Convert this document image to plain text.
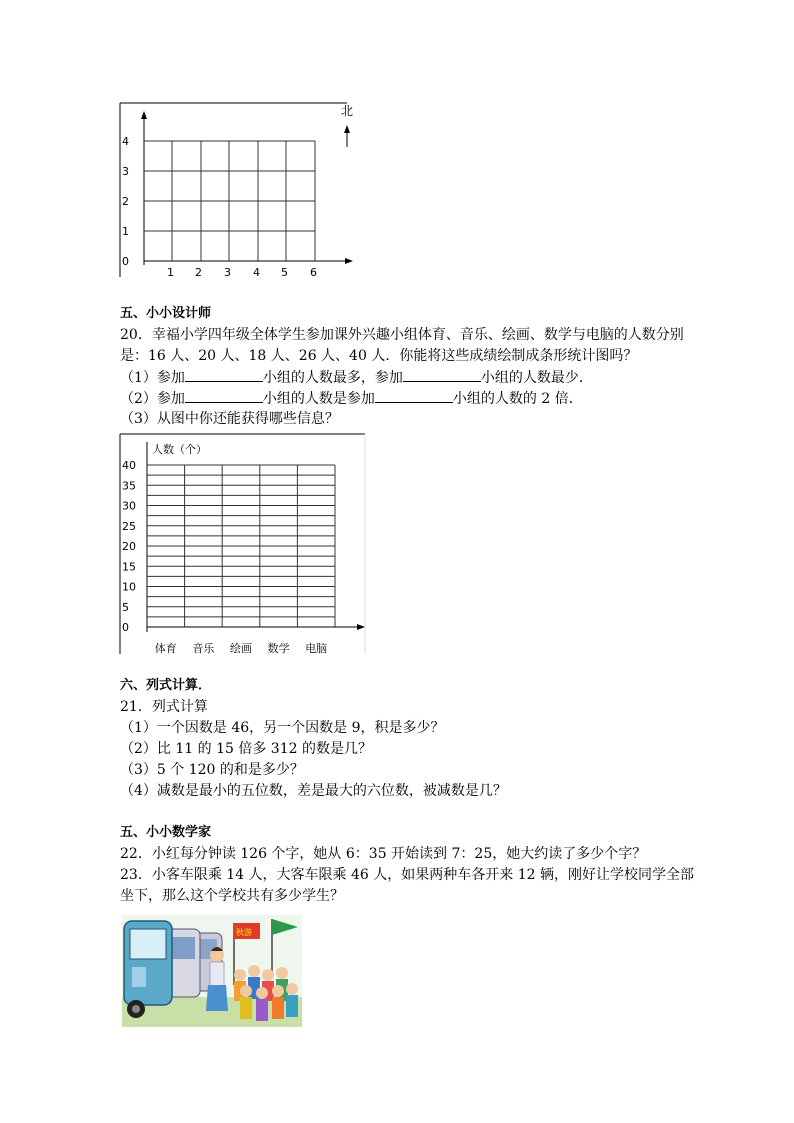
北
0
1
2
3
4
1 2 3 4 5 6
五、小小设计师
20．幸福小学四年级全体学生参加课外兴趣小组体育、音乐、绘画、数学与电脑的人数分别
是：16 人、20 人、18 人、26 人、40 人．你能将这些成绩绘制成条形统计图吗？
（1）参加	小组的人数最多，参加	小组的人数最少．
（2）参加	小组的人数是参加	小组的人数的 2 倍．
（3）从图中你还能获得哪些信息？
人数（个）
0
5
10
15
20
25
30
35
40
体育 音乐 绘画 数学 电脑
六、列式计算．
21．列式计算
（1）一个因数是 46，另一个因数是 9，积是多少？
（2）比 11 的 15 倍多 312 的数是几？
（3）5 个 120 的和是多少？
（4）减数是最小的五位数，差是最大的六位数，被减数是几？
五、小小数学家
22．小红每分钟读 126 个字，她从 6：35 开始读到 7：25，她大约读了多少个字？
23．小客车限乘 14 人，大客车限乘 46 人，如果两种车各开来 12 辆，刚好让学校同学全部
坐下，那么这个学校共有多少学生？
秋游
